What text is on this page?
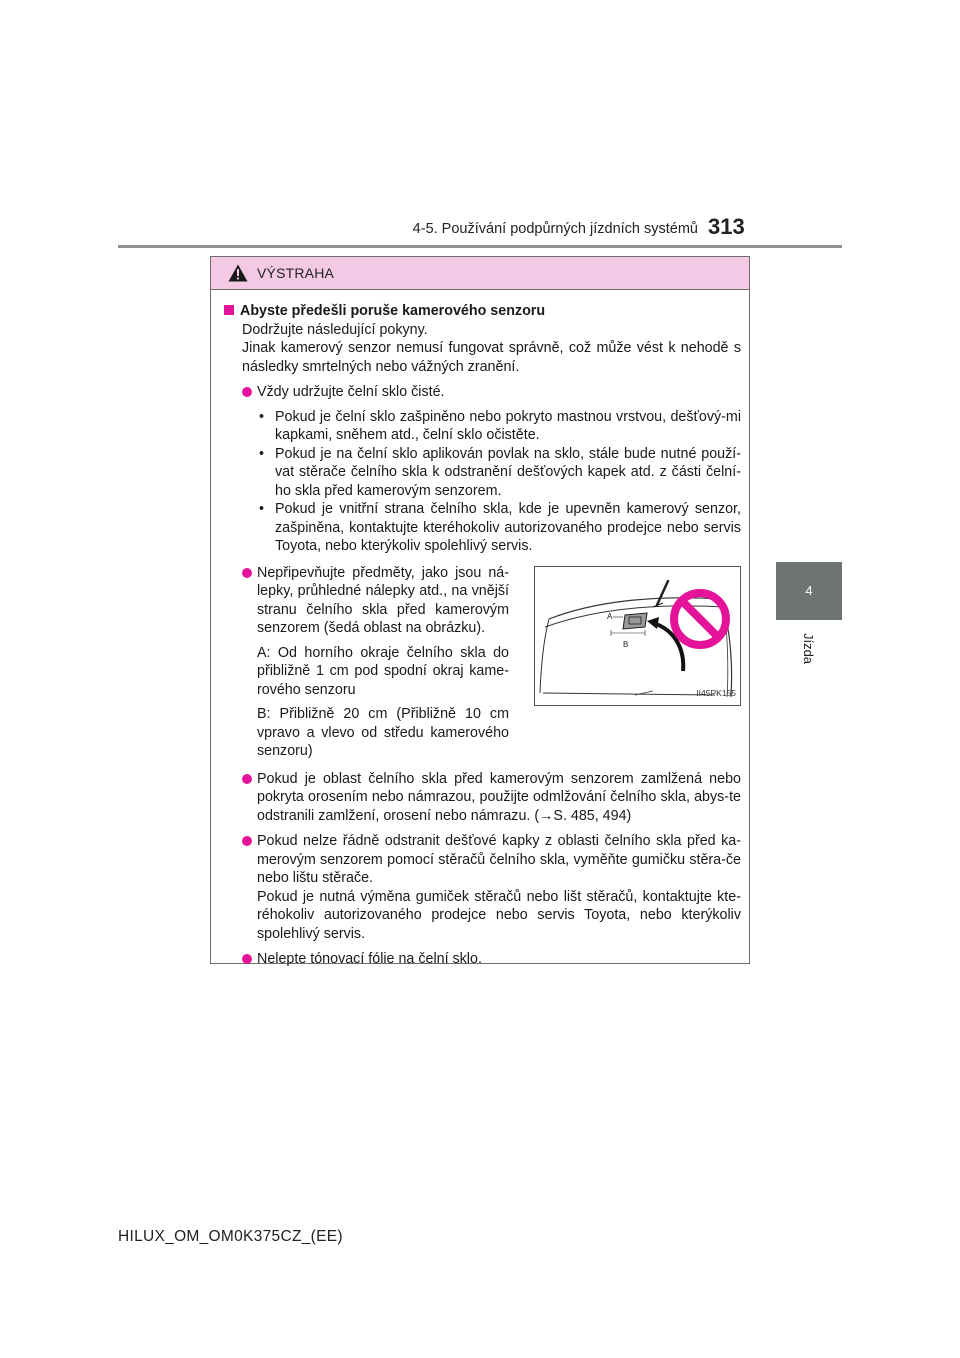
4-5. Používání podpůrných jízdních systémů 313
4
Jízda
VÝSTRAHA
Abyste předešli poruše kamerového senzoru

Dodržujte následující pokyny.

Jinak kamerový senzor nemusí fungovat správně, což může vést k nehodě s následky smrtelných nebo vážných zranění.

Vždy udržujte čelní sklo čisté.

• Pokud je čelní sklo zašpiněno nebo pokryto mastnou vrstvou, dešťový-mi kapkami, sněhem atd., čelní sklo očistěte.
• Pokud je na čelní sklo aplikován povlak na sklo, stále bude nutné použí-vat stěrače čelního skla k odstranění dešťových kapek atd. z části čelní-ho skla před kamerovým senzorem.
• Pokud je vnitřní strana čelního skla, kde je upevněn kamerový senzor, zašpiněna, kontaktujte kteréhokoliv autorizovaného prodejce nebo servis Toyota, nebo kterýkoliv spolehlivý servis.

Nepřipevňujte předměty, jako jsou ná-lepky, průhledné nálepky atd., na vnější stranu čelního skla před kamerovým senzorem (šedá oblast na obrázku).

A: Od horního okraje čelního skla do přibližně 1 cm pod spodní okraj kame-rového senzoru

B: Přibližně 20 cm (Přibližně 10 cm vpravo a vlevo od středu kamerového senzoru)

A
B
II45PK155

Pokud je oblast čelního skla před kamerovým senzorem zamlžená nebo pokryta orosením nebo námrazou, použijte odmlžování čelního skla, abys-te odstranili zamlžení, orosení nebo námrazu. (→S. 485, 494)

Pokud nelze řádně odstranit dešťové kapky z oblasti čelního skla před ka-merovým senzorem pomocí stěračů čelního skla, vyměňte gumičku stěra-če nebo lištu stěrače.

Pokud je nutná výměna gumiček stěračů nebo lišt stěračů, kontaktujte kte-réhokoliv autorizovaného prodejce nebo servis Toyota, nebo kterýkoliv spolehlivý servis.

Nelepte tónovací fólie na čelní sklo.

HILUX_OM_OM0K375CZ_(EE)
